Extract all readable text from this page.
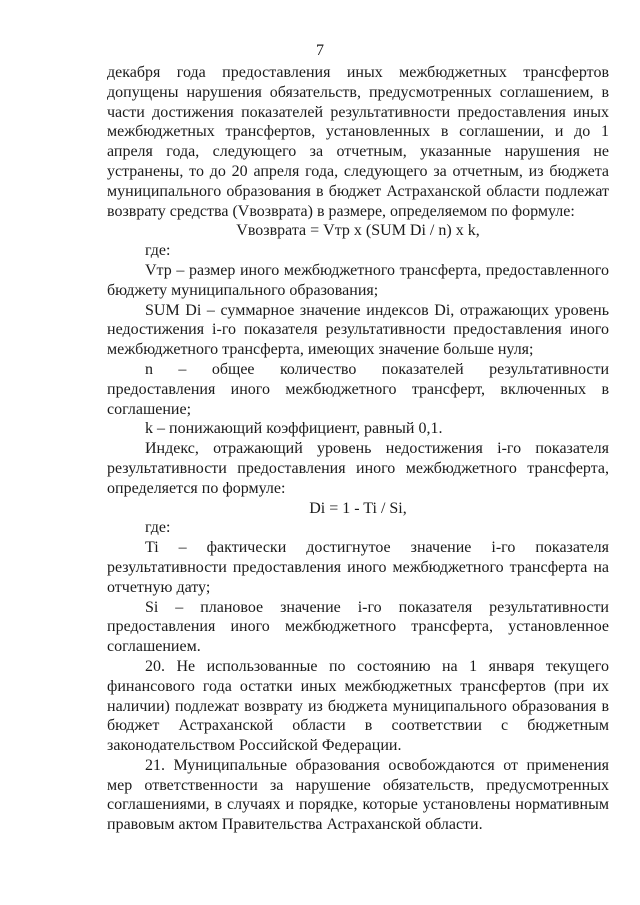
7

декабря года предоставления иных межбюджетных трансфертов допущены нарушения обязательств, предусмотренных соглашением, в части достижения показателей результативности предоставления иных межбюджетных трансфертов, установленных в соглашении, и до 1 апреля года, следующего за отчетным, указанные нарушения не устранены, то до 20 апреля года, следующего за отчетным, из бюджета муниципального образования в бюджет Астраханской области подлежат возврату средства (Vвозврата) в размере, определяемом по формуле:

Vвозврата = Vтр x (SUM Di / n) x k,

где:

Vтр – размер иного межбюджетного трансферта, предоставленного бюджету муниципального образования;

SUM Di – суммарное значение индексов Di, отражающих уровень недостижения i-го показателя результативности предоставления иного межбюджетного трансферта, имеющих значение больше нуля;

n – общее количество показателей результативности предоставления иного межбюджетного трансферт, включенных в соглашение;

k – понижающий коэффициент, равный 0,1.

Индекс, отражающий уровень недостижения i-го показателя результативности предоставления иного межбюджетного трансферта, определяется по формуле:

Di = 1 - Ti / Si,

где:

Ti – фактически достигнутое значение i-го показателя результативности предоставления иного межбюджетного трансферта на отчетную дату;

Si – плановое значение i-го показателя результативности предоставления иного межбюджетного трансферта, установленное соглашением.

20. Не использованные по состоянию на 1 января текущего финансового года остатки иных межбюджетных трансфертов (при их наличии) подлежат возврату из бюджета муниципального образования в бюджет Астраханской области в соответствии с бюджетным законодательством Российской Федерации.

21. Муниципальные образования освобождаются от применения мер ответственности за нарушение обязательств, предусмотренных соглашениями, в случаях и порядке, которые установлены нормативным правовым актом Правительства Астраханской области.
